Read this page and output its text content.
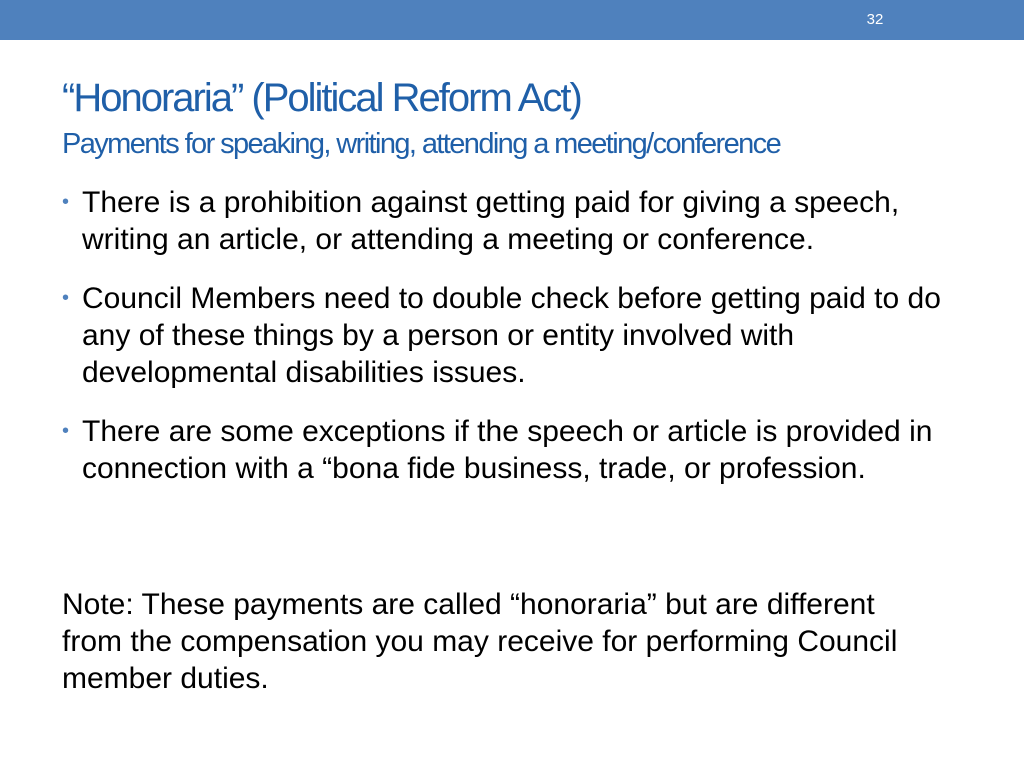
32
“Honoraria” (Political Reform Act)
Payments for speaking, writing, attending a meeting/conference
• There is a prohibition against getting paid for giving a speech, writing an article, or attending a meeting or conference.
• Council Members need to double check before getting paid to do any of these things by a person or entity involved with developmental disabilities issues.
• There are some exceptions if the speech or article is provided in connection with a “bona fide business, trade, or profession.

Note: These payments are called “honoraria” but are different from the compensation you may receive for performing Council member duties.
